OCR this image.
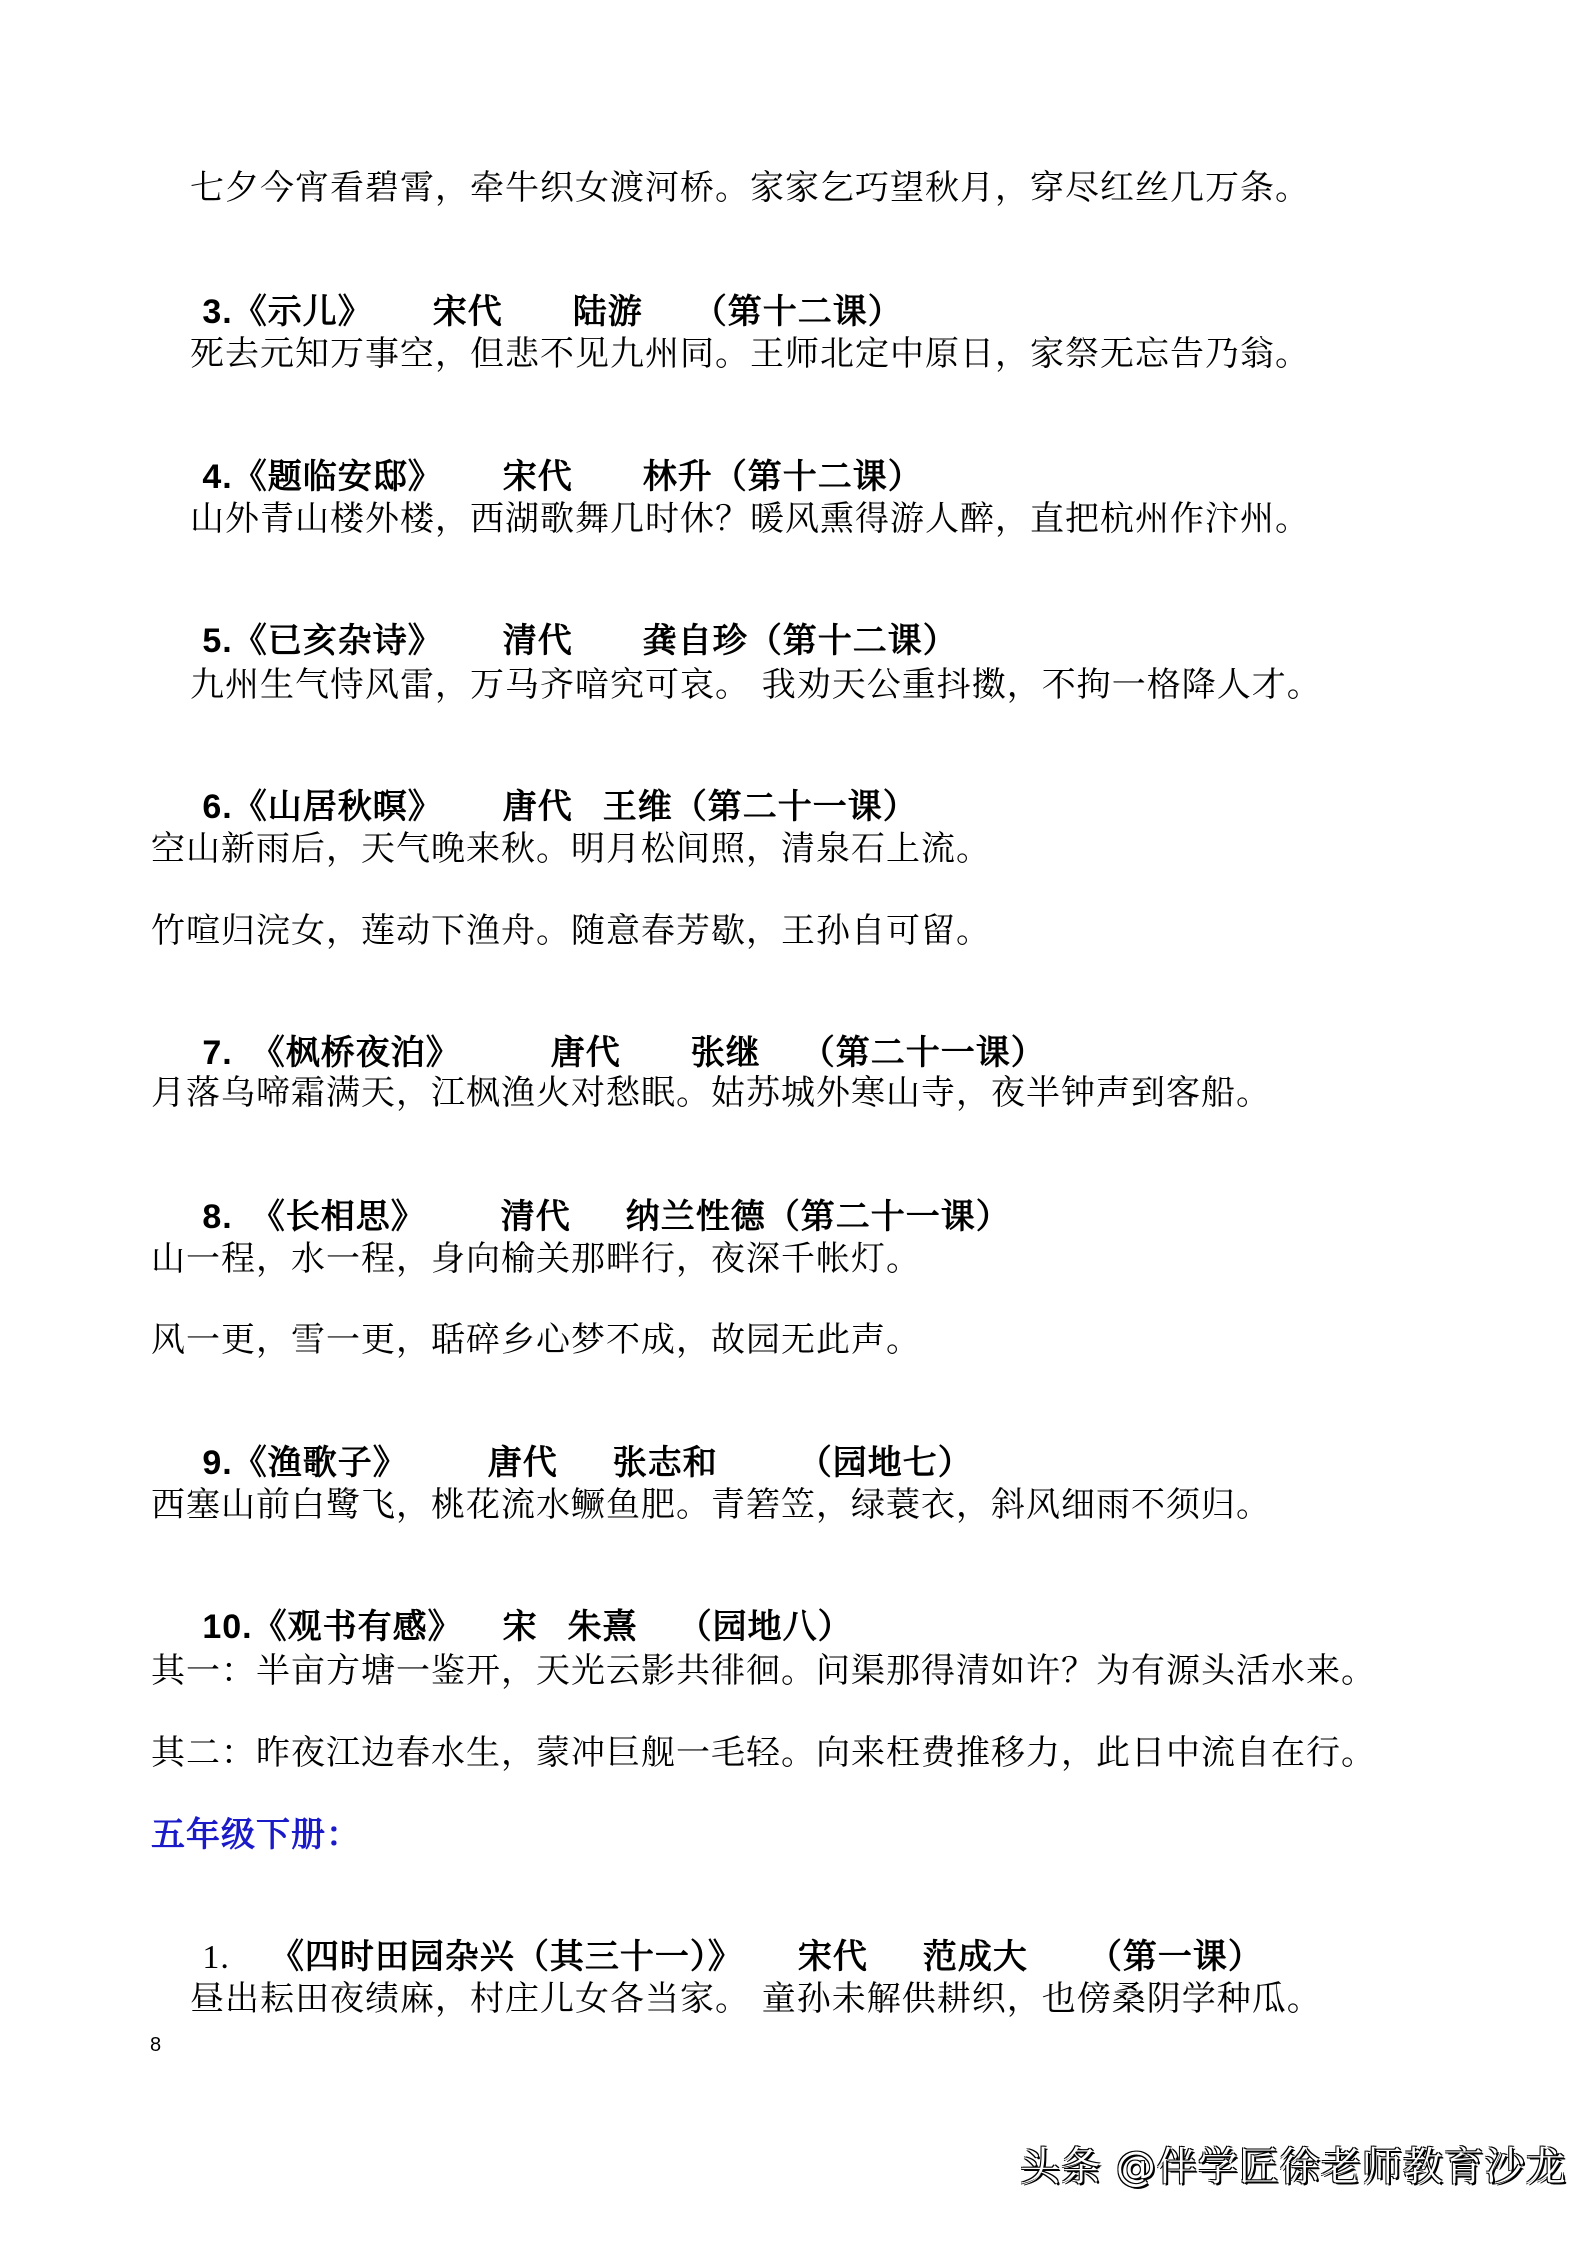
七夕今宵看碧霄，牵牛织女渡河桥。家家乞巧望秋月，穿尽红丝几万条。

3.《示儿》 宋代 陆游 （第十二课）

死去元知万事空，但悲不见九州同。王师北定中原日，家祭无忘告乃翁。

4.《题临安邸》 宋代 林升（第十二课）

山外青山楼外楼，西湖歌舞几时休？暖风熏得游人醉，直把杭州作汴州。

5.《已亥杂诗》 清代 龚自珍（第十二课）

九州生气恃风雷，万马齐喑究可哀。 我劝天公重抖擞，不拘一格降人才。

6.《山居秋暝》 唐代 王维（第二十一课）

空山新雨后，天气晚来秋。明月松间照，清泉石上流。
竹喧归浣女，莲动下渔舟。随意春芳歇，王孙自可留。

7. 《枫桥夜泊》	唐代 张继 （第二十一课）

月落乌啼霜满天，江枫渔火对愁眠。姑苏城外寒山寺，夜半钟声到客船。

8. 《长相思》 清代 纳兰性德（第二十一课）

山一程，水一程，身向榆关那畔行，夜深千帐灯。
风一更，雪一更，聒碎乡心梦不成，故园无此声。

9.《渔歌子》 唐代 张志和 （园地七）

西塞山前白鹭飞，桃花流水鳜鱼肥。青箬笠，绿蓑衣，斜风细雨不须归。

10.《观书有感》 宋 朱熹 （园地八）

其一：半亩方塘一鉴开，天光云影共徘徊。问渠那得清如许？为有源头活水来。
其二：昨夜江边春水生，蒙冲巨舰一毛轻。向来枉费推移力，此日中流自在行。
五年级下册：

1. 《四时田园杂兴（其三十一）》 宋代 范成大 （第一课）

昼出耘田夜绩麻，村庄儿女各当家。 童孙未解供耕织，也傍桑阴学种瓜。
8
头条 @伴学匠徐老师教育沙龙
